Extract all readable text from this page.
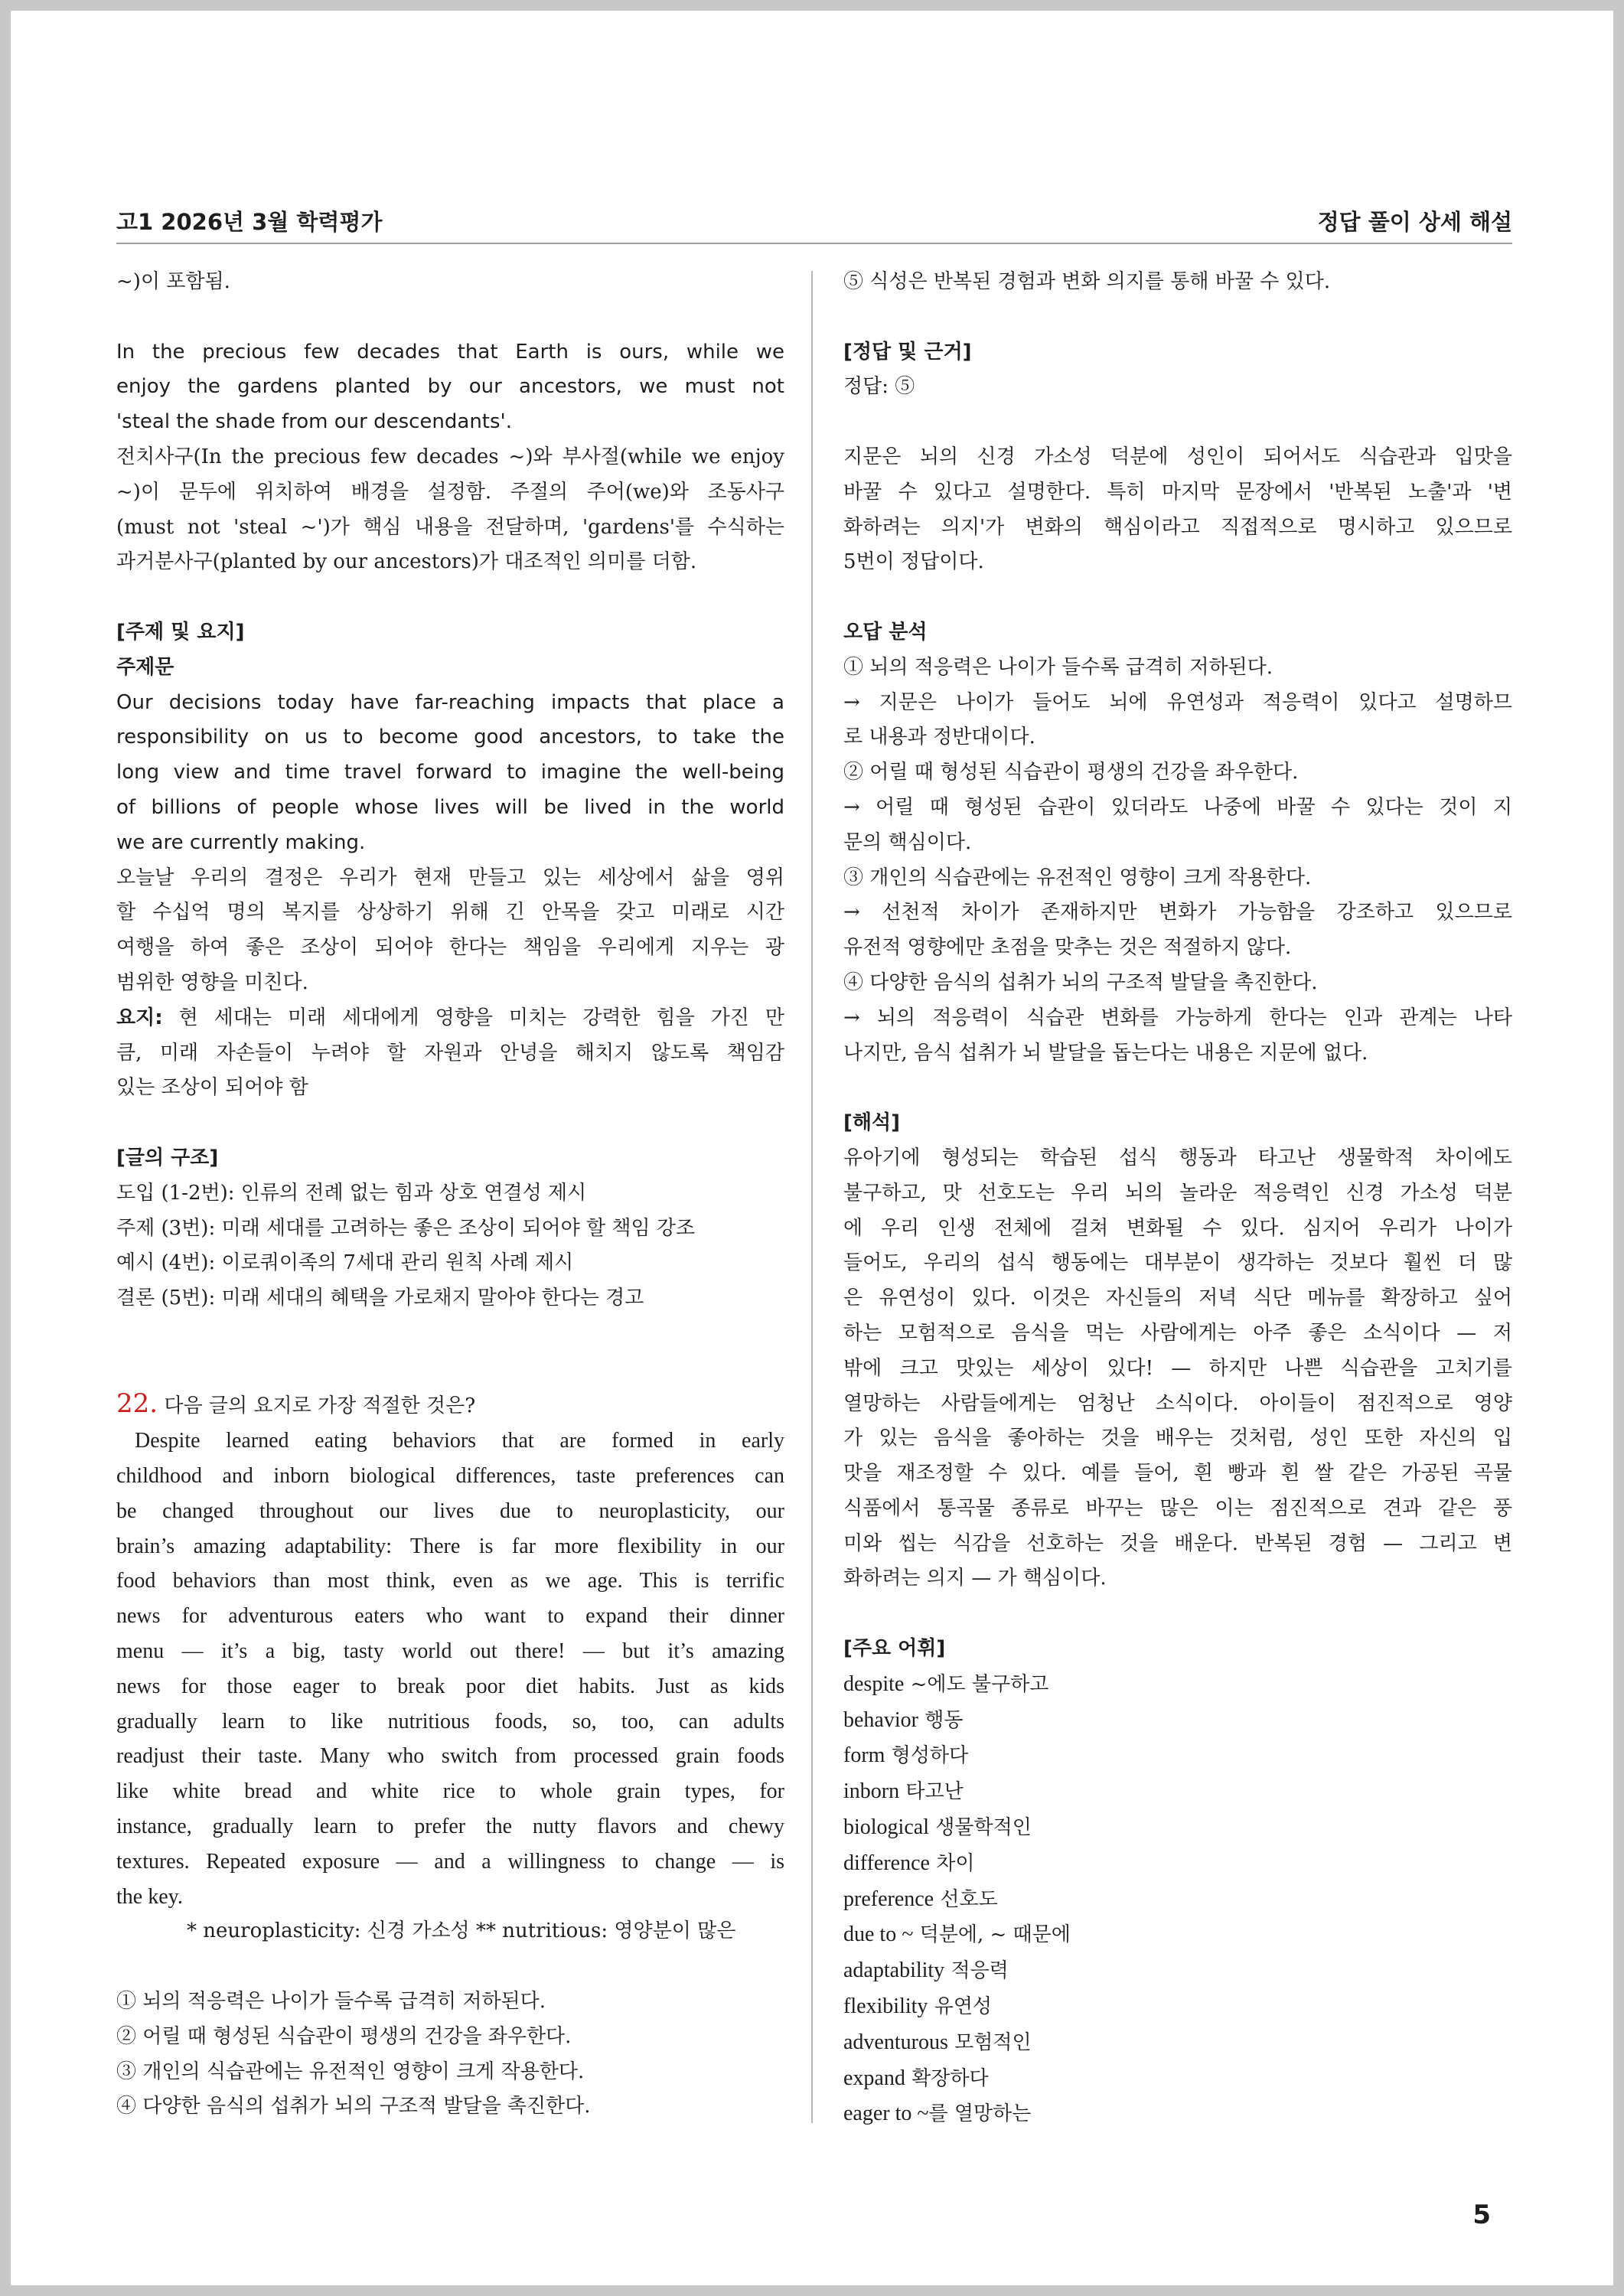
고1 2026년 3월 학력평가	정답 풀이 상세 해설
~)이 포함됨.
In the precious few decades that Earth is ours, while we
enjoy the gardens planted by our ancestors, we must not
'steal the shade from our descendants'.
전치사구(In the precious few decades ~)와 부사절(while we enjoy
~)이 문두에 위치하여 배경을 설정함. 주절의 주어(we)와 조동사구
(must not 'steal ~')가 핵심 내용을 전달하며, 'gardens'를 수식하는
과거분사구(planted by our ancestors)가 대조적인 의미를 더함.
[주제 및 요지]
주제문
Our decisions today have far-reaching impacts that place a
responsibility on us to become good ancestors, to take the
long view and time travel forward to imagine the well-being
of billions of people whose lives will be lived in the world
we are currently making.
오늘날 우리의 결정은 우리가 현재 만들고 있는 세상에서 삶을 영위
할 수십억 명의 복지를 상상하기 위해 긴 안목을 갖고 미래로 시간
여행을 하여 좋은 조상이 되어야 한다는 책임을 우리에게 지우는 광
범위한 영향을 미친다.
요지: 현 세대는 미래 세대에게 영향을 미치는 강력한 힘을 가진 만
큼, 미래 자손들이 누려야 할 자원과 안녕을 해치지 않도록 책임감
있는 조상이 되어야 함
[글의 구조]
도입 (1-2번): 인류의 전례 없는 힘과 상호 연결성 제시
주제 (3번): 미래 세대를 고려하는 좋은 조상이 되어야 할 책임 강조
예시 (4번): 이로쿼이족의 7세대 관리 원칙 사례 제시
결론 (5번): 미래 세대의 혜택을 가로채지 말아야 한다는 경고
22. 다음 글의 요지로 가장 적절한 것은?
Despite learned eating behaviors that are formed in early
childhood and inborn biological differences, taste preferences can
be changed throughout our lives due to neuroplasticity, our
brain’s amazing adaptability: There is far more flexibility in our
food behaviors than most think, even as we age. This is terrific
news for adventurous eaters who want to expand their dinner
menu — it’s a big, tasty world out there! — but it’s amazing
news for those eager to break poor diet habits. Just as kids
gradually learn to like nutritious foods, so, too, can adults
readjust their taste. Many who switch from processed grain foods
like white bread and white rice to whole grain types, for
instance, gradually learn to prefer the nutty flavors and chewy
textures. Repeated exposure — and a willingness to change — is
the key.
* neuroplasticity: 신경 가소성 ** nutritious: 영양분이 많은
① 뇌의 적응력은 나이가 들수록 급격히 저하된다.
② 어릴 때 형성된 식습관이 평생의 건강을 좌우한다.
③ 개인의 식습관에는 유전적인 영향이 크게 작용한다.
④ 다양한 음식의 섭취가 뇌의 구조적 발달을 촉진한다.
⑤ 식성은 반복된 경험과 변화 의지를 통해 바꿀 수 있다.
[정답 및 근거]
정답: ⑤
지문은 뇌의 신경 가소성 덕분에 성인이 되어서도 식습관과 입맛을
바꿀 수 있다고 설명한다. 특히 마지막 문장에서 '반복된 노출'과 '변
화하려는 의지'가 변화의 핵심이라고 직접적으로 명시하고 있으므로
5번이 정답이다.
오답 분석
① 뇌의 적응력은 나이가 들수록 급격히 저하된다.
→ 지문은 나이가 들어도 뇌에 유연성과 적응력이 있다고 설명하므
로 내용과 정반대이다.
② 어릴 때 형성된 식습관이 평생의 건강을 좌우한다.
→ 어릴 때 형성된 습관이 있더라도 나중에 바꿀 수 있다는 것이 지
문의 핵심이다.
③ 개인의 식습관에는 유전적인 영향이 크게 작용한다.
→ 선천적 차이가 존재하지만 변화가 가능함을 강조하고 있으므로
유전적 영향에만 초점을 맞추는 것은 적절하지 않다.
④ 다양한 음식의 섭취가 뇌의 구조적 발달을 촉진한다.
→ 뇌의 적응력이 식습관 변화를 가능하게 한다는 인과 관계는 나타
나지만, 음식 섭취가 뇌 발달을 돕는다는 내용은 지문에 없다.
[해석]
유아기에 형성되는 학습된 섭식 행동과 타고난 생물학적 차이에도
불구하고, 맛 선호도는 우리 뇌의 놀라운 적응력인 신경 가소성 덕분
에 우리 인생 전체에 걸쳐 변화될 수 있다. 심지어 우리가 나이가
들어도, 우리의 섭식 행동에는 대부분이 생각하는 것보다 훨씬 더 많
은 유연성이 있다. 이것은 자신들의 저녁 식단 메뉴를 확장하고 싶어
하는 모험적으로 음식을 먹는 사람에게는 아주 좋은 소식이다 — 저
밖에 크고 맛있는 세상이 있다! — 하지만 나쁜 식습관을 고치기를
열망하는 사람들에게는 엄청난 소식이다. 아이들이 점진적으로 영양
가 있는 음식을 좋아하는 것을 배우는 것처럼, 성인 또한 자신의 입
맛을 재조정할 수 있다. 예를 들어, 흰 빵과 흰 쌀 같은 가공된 곡물
식품에서 통곡물 종류로 바꾸는 많은 이는 점진적으로 견과 같은 풍
미와 씹는 식감을 선호하는 것을 배운다. 반복된 경험 — 그리고 변
화하려는 의지 — 가 핵심이다.
[주요 어휘]
despite ~에도 불구하고
behavior 행동
form 형성하다
inborn 타고난
biological 생물학적인
difference 차이
preference 선호도
due to ~ 덕분에, ~ 때문에
adaptability 적응력
flexibility 유연성
adventurous 모험적인
expand 확장하다
eager to ~를 열망하는
5
